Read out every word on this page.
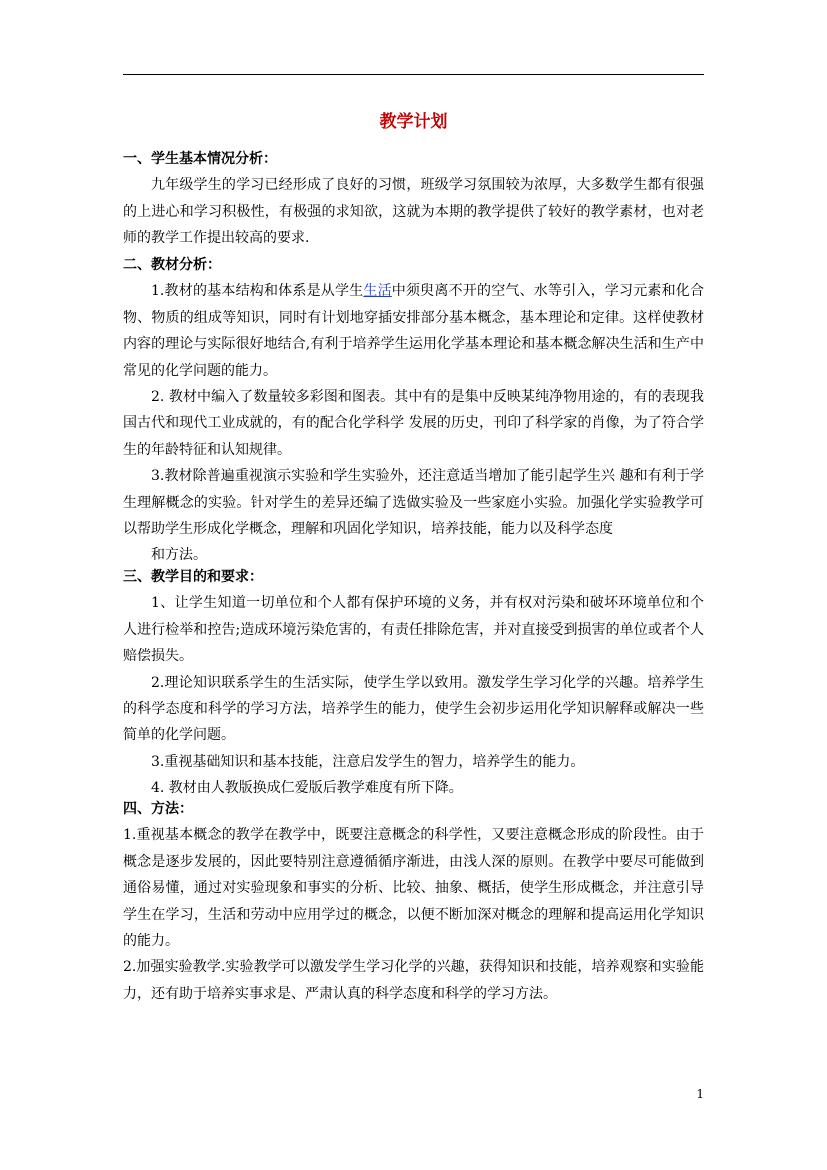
教学计划

一、学生基本情况分析：

九年级学生的学习已经形成了良好的习惯，班级学习氛围较为浓厚，大多数学生都有很强的上进心和学习积极性，有极强的求知欲，这就为本期的教学提供了较好的教学素材，也对老师的教学工作提出较高的要求.

二、教材分析：

1.教材的基本结构和体系是从学生生活中须臾离不开的空气、水等引入，学习元素和化合物、物质的组成等知识，同时有计划地穿插安排部分基本概念，基本理论和定律。这样使教材内容的理论与实际很好地结合,有利于培养学生运用化学基本理论和基本概念解决生活和生产中常见的化学问题的能力。

2. 教材中编入了数量较多彩图和图表。其中有的是集中反映某纯净物用途的，有的表现我国古代和现代工业成就的，有的配合化学科学 发展的历史，刊印了科学家的肖像，为了符合学生的年龄特征和认知规律。

3.教材除普遍重视演示实验和学生实验外，还注意适当增加了能引起学生兴 趣和有利于学生理解概念的实验。针对学生的差异还编了选做实验及一些家庭小实验。加强化学实验教学可以帮助学生形成化学概念，理解和巩固化学知识，培养技能，能力以及科学态度

和方法。

三、教学目的和要求：

1、让学生知道一切单位和个人都有保护环境的义务，并有权对污染和破坏环境单位和个人进行检举和控告;造成环境污染危害的，有责任排除危害，并对直接受到损害的单位或者个人赔偿损失。

2.理论知识联系学生的生活实际，使学生学以致用。激发学生学习化学的兴趣。培养学生的科学态度和科学的学习方法，培养学生的能力，使学生会初步运用化学知识解释或解决一些简单的化学问题。

3.重视基础知识和基本技能，注意启发学生的智力，培养学生的能力。

4. 教材由人教版换成仁爱版后教学难度有所下降。

四、方法：

1.重视基本概念的教学在教学中，既要注意概念的科学性，又要注意概念形成的阶段性。由于概念是逐步发展的，因此要特别注意遵循循序渐进，由浅人深的原则。在教学中要尽可能做到通俗易懂，通过对实验现象和事实的分析、比较、抽象、概括，使学生形成概念，并注意引导学生在学习，生活和劳动中应用学过的概念，以便不断加深对概念的理解和提高运用化学知识的能力。

2.加强实验教学.实验教学可以激发学生学习化学的兴趣，获得知识和技能，培养观察和实验能力，还有助于培养实事求是、严肃认真的科学态度和科学的学习方法。

1
